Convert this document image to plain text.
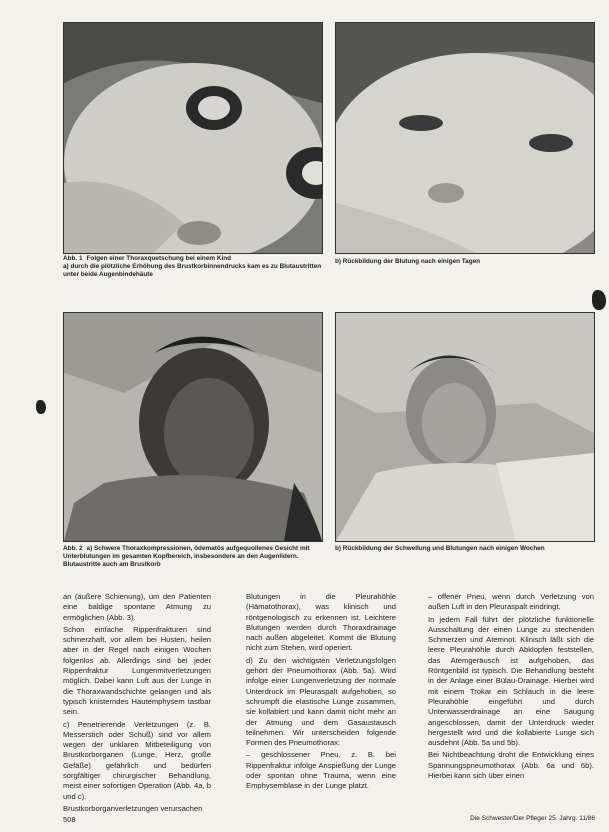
Abb. 1 Folgen einer Thoraxquetschung bei einem Kind
a) durch die plötzliche Erhöhung des Brustkorbinnendrucks kam es zu Blutaustritten unter beide Augenbindehäute
b) Rückbildung der Blutung nach einigen Tagen
Abb. 2 a) Schwere Thoraxkompressionen, ödematös aufgequollenes Gesicht mit Unterblutungen im gesamten Kopfbereich, insbesondere an den Augenlidern. Blutaustritte auch am Brustkorb
b) Rückbildung der Schwellung und Blutungen nach einigen Wochen

an (äußere Schienung), um den Patienten eine baldige spontane Atmung zu ermöglichen (Abb. 3).

Schon einfache Rippenfrakturen sind schmerzhaft, vor allem bei Husten, heilen aber in der Regel nach einigen Wochen folgenlos ab. Allerdings sind bei jeder Rippenfraktur Lungenmitverletzungen möglich. Dabei kann Luft aus der Lunge in die Thoraxwandschichte gelangen und als typisch knisterndes Hautemphysem tastbar sein.

c) Penetrierende Verletzungen (z. B. Messerstich oder Schuß) sind vor allem wegen der unklaren Mitbeteiligung von Brustkorborganen (Lunge, Herz, große Gefäße) gefährlich und bedürfen sorgfältiger chirurgischer Behandlung, meist einer sofortigen Operation (Abb. 4a, b und c).

Brustkorborganverletzungen verursachen

Blutungen in die Pleurahöhle (Hämatothorax), was klinisch und röntgenologisch zu erkennen ist. Leichtere Blutungen werden durch Thoraxdrainage nach außen abgeleitet. Kommt die Blutung nicht zum Stehen, wird operiert.

d) Zu den wichtigsten Verletzungsfolgen gehört der Pneumothorax (Abb. 5a). Wird infolge einer Lungenverletzung der normale Unterdruck im Pleuraspalt aufgehoben, so schrumpft die elastische Lunge zusammen, sie kollabiert und kann damit nicht mehr an der Atmung und dem Gasaustausch teilnehmen. Wir unterscheiden folgende Formen des Pneumothorax:

– geschlossener Pneu, z. B. bei Rippenfraktur infolge Anspießung der Lunge oder spontan ohne Trauma, wenn eine Emphysemblase in der Lunge platzt.

– offener Pneu, wenn durch Verletzung von außen Luft in den Pleuraspalt eindringt.

In jedem Fall führt der plötzliche funktionelle Ausschaltung der einen Lunge zu stechenden Schmerzen und Atemnot. Klinisch läßt sich die leere Pleurahöhle durch Abklopfen feststellen, das Atemgeräusch ist aufgehoben, das Röntgenbild ist typisch. Die Behandlung besteht in der Anlage einer Bülau-Drainage. Hierbei wird mit einem Trokar ein Schlauch in die leere Pleurahöhle eingeführt und durch Unterwasserdrainage an eine Saugung angeschlossen, damit der Unterdruck wieder hergestellt wird und die kollabierte Lunge sich ausdehnt (Abb. 5a und 5b).

Bei Nichtbeachtung droht die Entwicklung eines Spannungspneumothorax (Abb. 6a und 6b). Hierbei kann sich über einen

508	Die Schwester/Der Pfleger 25. Jahrg. 11/86
